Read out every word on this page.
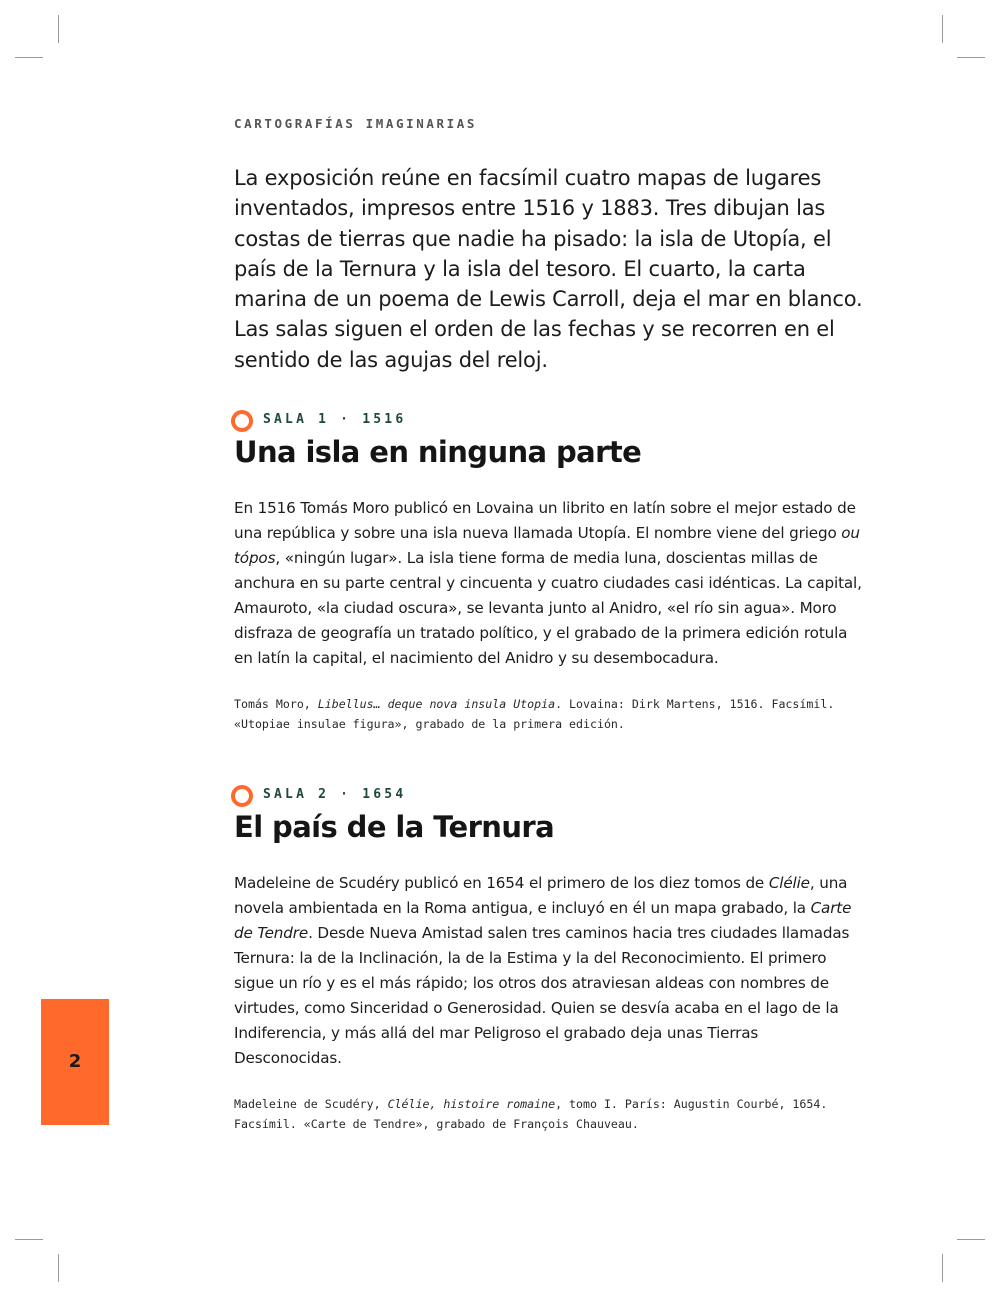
CARTOGRAFÍAS IMAGINARIAS

La exposición reúne en facsímil cuatro mapas de lugares inventados, impresos entre 1516 y 1883. Tres dibujan las costas de tierras que nadie ha pisado: la isla de Utopía, el país de la Ternura y la isla del tesoro. El cuarto, la carta marina de un poema de Lewis Carroll, deja el mar en blanco. Las salas siguen el orden de las fechas y se recorren en el sentido de las agujas del reloj.

SALA 1 · 1516
Una isla en ninguna parte

En 1516 Tomás Moro publicó en Lovaina un librito en latín sobre el mejor estado de una república y sobre una isla nueva llamada Utopía. El nombre viene del griego ou tópos, «ningún lugar». La isla tiene forma de media luna, doscientas millas de anchura en su parte central y cincuenta y cuatro ciudades casi idénticas. La capital, Amauroto, «la ciudad oscura», se levanta junto al Anidro, «el río sin agua». Moro disfraza de geografía un tratado político, y el grabado de la primera edición rotula en latín la capital, el nacimiento del Anidro y su desembocadura.

Tomás Moro, Libellus… deque nova insula Utopia. Lovaina: Dirk Martens, 1516. Facsímil. «Utopiae insulae figura», grabado de la primera edición.

SALA 2 · 1654
El país de la Ternura

Madeleine de Scudéry publicó en 1654 el primero de los diez tomos de Clélie, una novela ambientada en la Roma antigua, e incluyó en él un mapa grabado, la Carte de Tendre. Desde Nueva Amistad salen tres caminos hacia tres ciudades llamadas Ternura: la de la Inclinación, la de la Estima y la del Reconocimiento. El primero sigue un río y es el más rápido; los otros dos atraviesan aldeas con nombres de virtudes, como Sinceridad o Generosidad. Quien se desvía acaba en el lago de la Indiferencia, y más allá del mar Peligroso el grabado deja unas Tierras Desconocidas.

Madeleine de Scudéry, Clélie, histoire romaine, tomo I. París: Augustin Courbé, 1654. Facsímil. «Carte de Tendre», grabado de François Chauveau.

2
